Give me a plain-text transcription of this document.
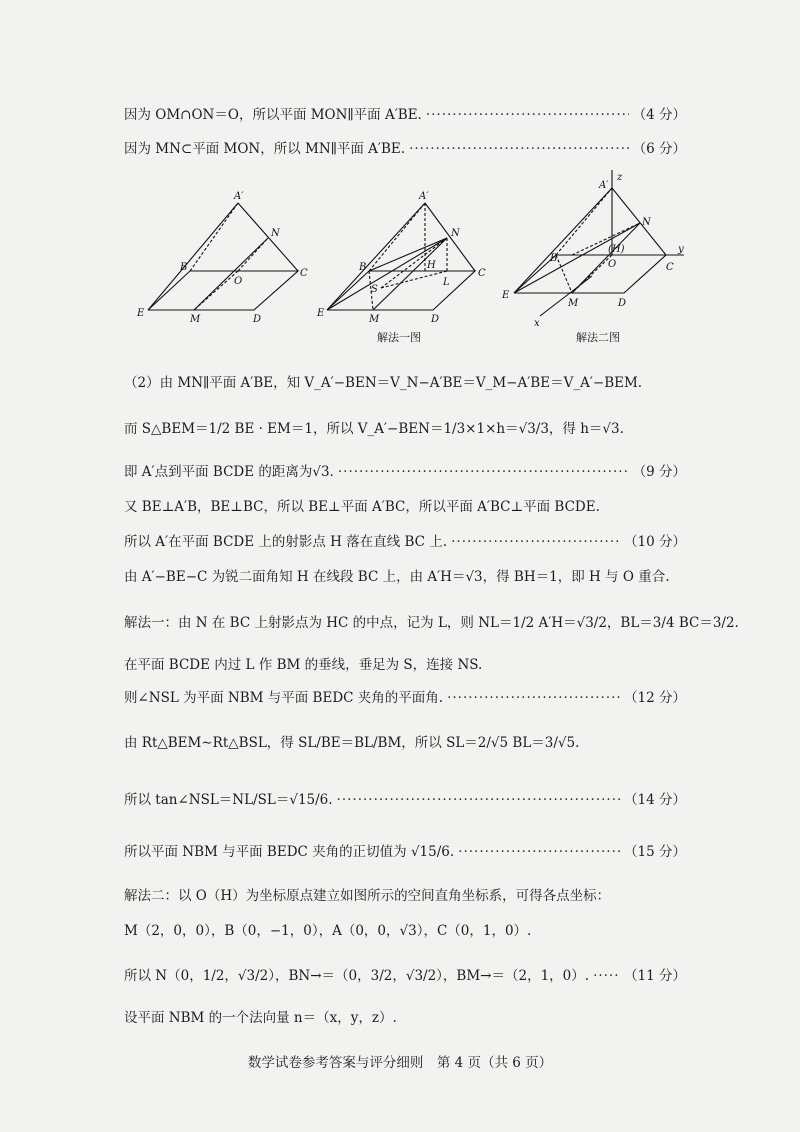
因为 OM∩ON＝O，所以平面 MON∥平面 A′BE. ·····	（4 分）
因为 MN⊂平面 MON，所以 MN∥平面 A′BE. ·····	（6 分）
A′
N
B
O
C
E
M	D
A′
N
B	H
S
L
C
E
M	D
解法一图
A′
z
N
B
(H)
O
y
C
E
M	D
x
解法二图
（2）由 MN∥平面 A′BE，知 V_A′−BEN＝V_N−A′BE＝V_M−A′BE＝V_A′−BEM.
而 S△BEM＝1/2 BE · EM＝1，所以 V_A′−BEN＝1/3×1×h＝√3/3，得 h＝√3.
即 A′点到平面 BCDE 的距离为√3. ·····	（9 分）
又 BE⊥A′B，BE⊥BC，所以 BE⊥平面 A′BC，所以平面 A′BC⊥平面 BCDE.
所以 A′在平面 BCDE 上的射影点 H 落在直线 BC 上. ·····	（10 分）
由 A′−BE−C 为锐二面角知 H 在线段 BC 上，由 A′H＝√3，得 BH＝1，即 H 与 O 重合.
解法一：由 N 在 BC 上射影点为 HC 的中点，记为 L，则 NL＝1/2 A′H＝√3/2，BL＝3/4 BC＝3/2.
在平面 BCDE 内过 L 作 BM 的垂线，垂足为 S，连接 NS.
则∠NSL 为平面 NBM 与平面 BEDC 夹角的平面角. ·····	（12 分）
由 Rt△BEM∼Rt△BSL，得 SL/BE＝BL/BM，所以 SL＝2/√5 BL＝3/√5.
所以 tan∠NSL＝NL/SL＝√15/6. ·····	（14 分）
所以平面 NBM 与平面 BEDC 夹角的正切值为 √15/6. ·····	（15 分）
解法二：以 O（H）为坐标原点建立如图所示的空间直角坐标系，可得各点坐标：
M（2，0，0），B（0，−1，0），A（0，0，√3），C（0，1，0）.
所以 N（0，1/2，√3/2），BN→＝（0，3/2，√3/2），BM→＝（2，1，0）. ·····	（11 分）
设平面 NBM 的一个法向量 n＝（x，y，z）.
数学试卷参考答案与评分细则　第 4 页（共 6 页）
